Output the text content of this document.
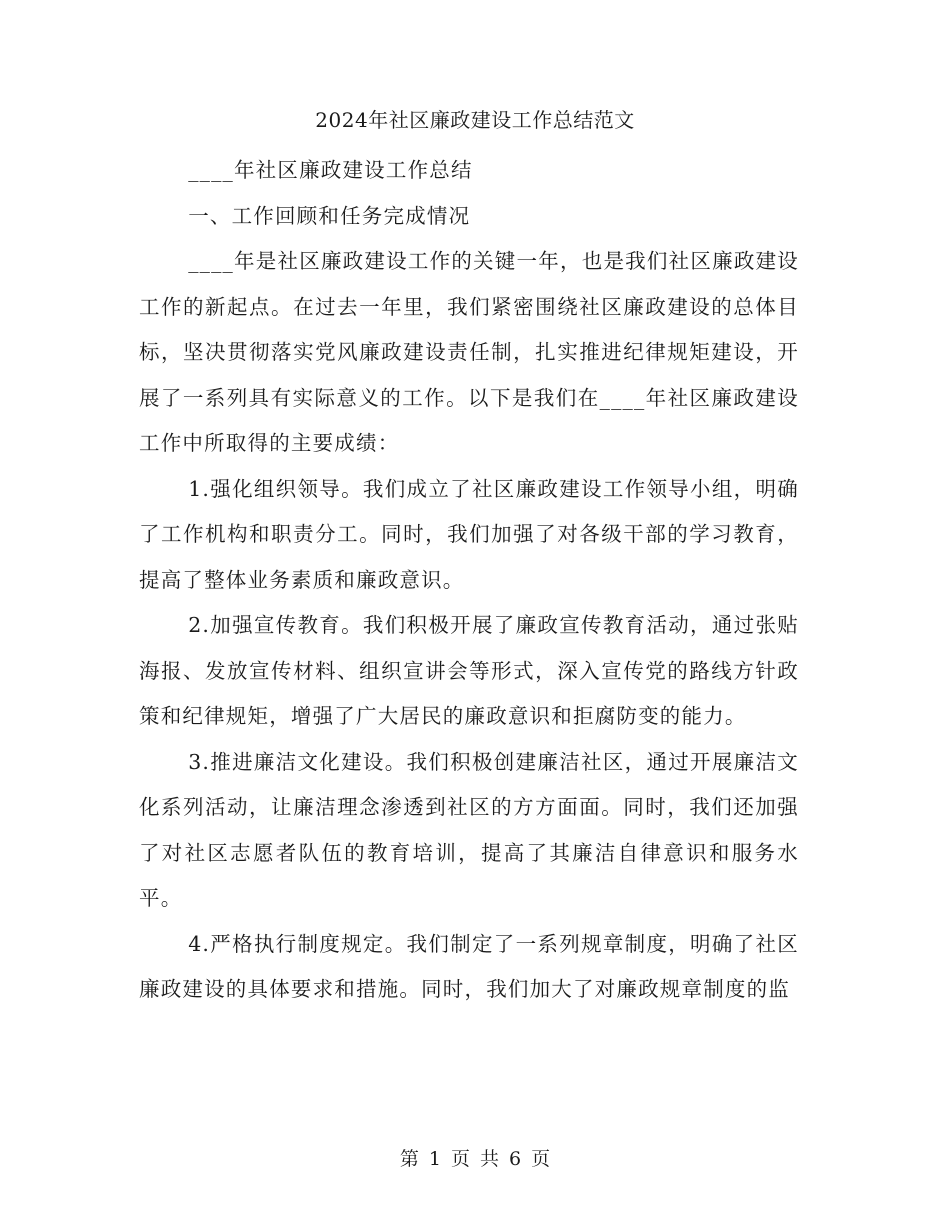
2024年社区廉政建设工作总结范文

____年社区廉政建设工作总结

一、工作回顾和任务完成情况

____年是社区廉政建设工作的关键一年，也是我们社区廉政建设工作的新起点。在过去一年里，我们紧密围绕社区廉政建设的总体目标，坚决贯彻落实党风廉政建设责任制，扎实推进纪律规矩建设，开展了一系列具有实际意义的工作。以下是我们在____年社区廉政建设工作中所取得的主要成绩：

1.强化组织领导。我们成立了社区廉政建设工作领导小组，明确了工作机构和职责分工。同时，我们加强了对各级干部的学习教育，提高了整体业务素质和廉政意识。

2.加强宣传教育。我们积极开展了廉政宣传教育活动，通过张贴海报、发放宣传材料、组织宣讲会等形式，深入宣传党的路线方针政策和纪律规矩，增强了广大居民的廉政意识和拒腐防变的能力。

3.推进廉洁文化建设。我们积极创建廉洁社区，通过开展廉洁文化系列活动，让廉洁理念渗透到社区的方方面面。同时，我们还加强了对社区志愿者队伍的教育培训，提高了其廉洁自律意识和服务水平。

4.严格执行制度规定。我们制定了一系列规章制度，明确了社区廉政建设的具体要求和措施。同时，我们加大了对廉政规章制度的监

第 1 页 共 6 页
